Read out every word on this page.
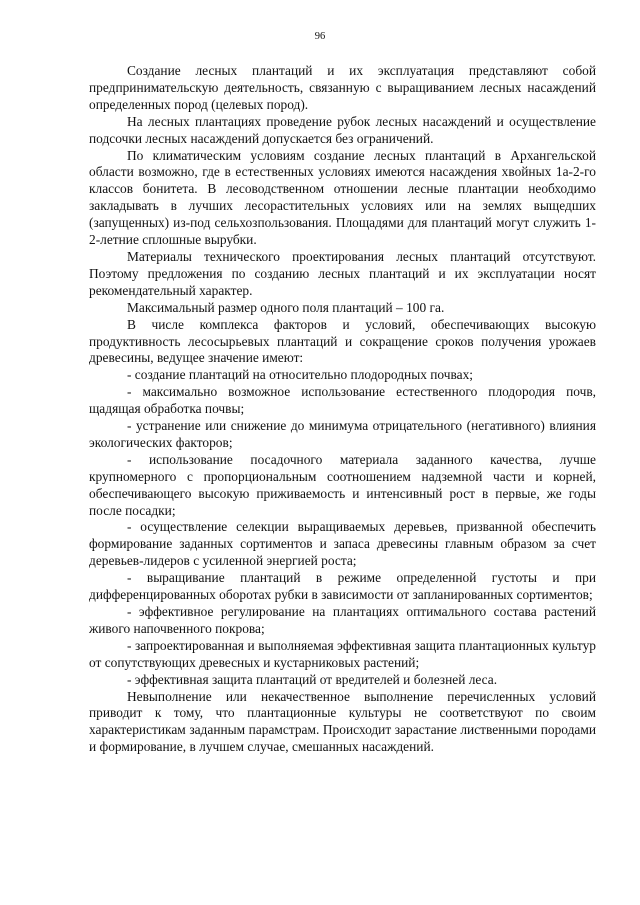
96

Создание лесных плантаций и их эксплуатация представляют собой предпринимательскую деятельность, связанную с выращиванием лесных насаждений определенных пород (целевых пород).

На лесных плантациях проведение рубок лесных насаждений и осуществление подсочки лесных насаждений допускается без ограничений.

По климатическим условиям создание лесных плантаций в Архангельской области возможно, где в естественных условиях имеются насаждения хвойных 1а-2-го классов бонитета. В лесоводственном отношении лесные плантации необходимо закладывать в лучших лесорастительных условиях или на землях выщедших (запущенных) из-под сельхозпользования. Площадями для плантаций могут служить 1-2-летние сплошные вырубки.

Материалы технического проектирования лесных плантаций отсутствуют. Поэтому предложения по созданию лесных плантаций и их эксплуатации носят рекомендательный характер.

Максимальный размер одного поля плантаций – 100 га.

В числе комплекса факторов и условий, обеспечивающих высокую продуктивность лесосырьевых плантаций и сокращение сроков получения урожаев древесины, ведущее значение имеют:

- создание плантаций на относительно плодородных почвах;

- максимально возможное использование естественного плодородия почв, щадящая обработка почвы;

- устранение или снижение до минимума отрицательного (негативного) влияния экологических факторов;

- использование посадочного материала заданного качества, лучше крупномерного с пропорциональным соотношением надземной части и корней, обеспечивающего высокую приживаемость и интенсивный рост в первые, же годы после посадки;

- осуществление селекции выращиваемых деревьев, призванной обеспечить формирование заданных сортиментов и запаса древесины главным образом за счет деревьев-лидеров с усиленной энергией роста;

- выращивание плантаций в режиме определенной густоты и при дифференцированных оборотах рубки в зависимости от запланированных сортиментов;

- эффективное регулирование на плантациях оптимального состава растений живого напочвенного покрова;

- запроектированная и выполняемая эффективная защита плантационных культур от сопутствующих древесных и кустарниковых растений;

- эффективная защита плантаций от вредителей и болезней леса.

Невыполнение или некачественное выполнение перечисленных условий приводит к тому, что плантационные культуры не соответствуют по своим характеристикам заданным парамстрам. Происходит зарастание лиственными породами и формирование, в лучшем случае, смешанных насаждений.
